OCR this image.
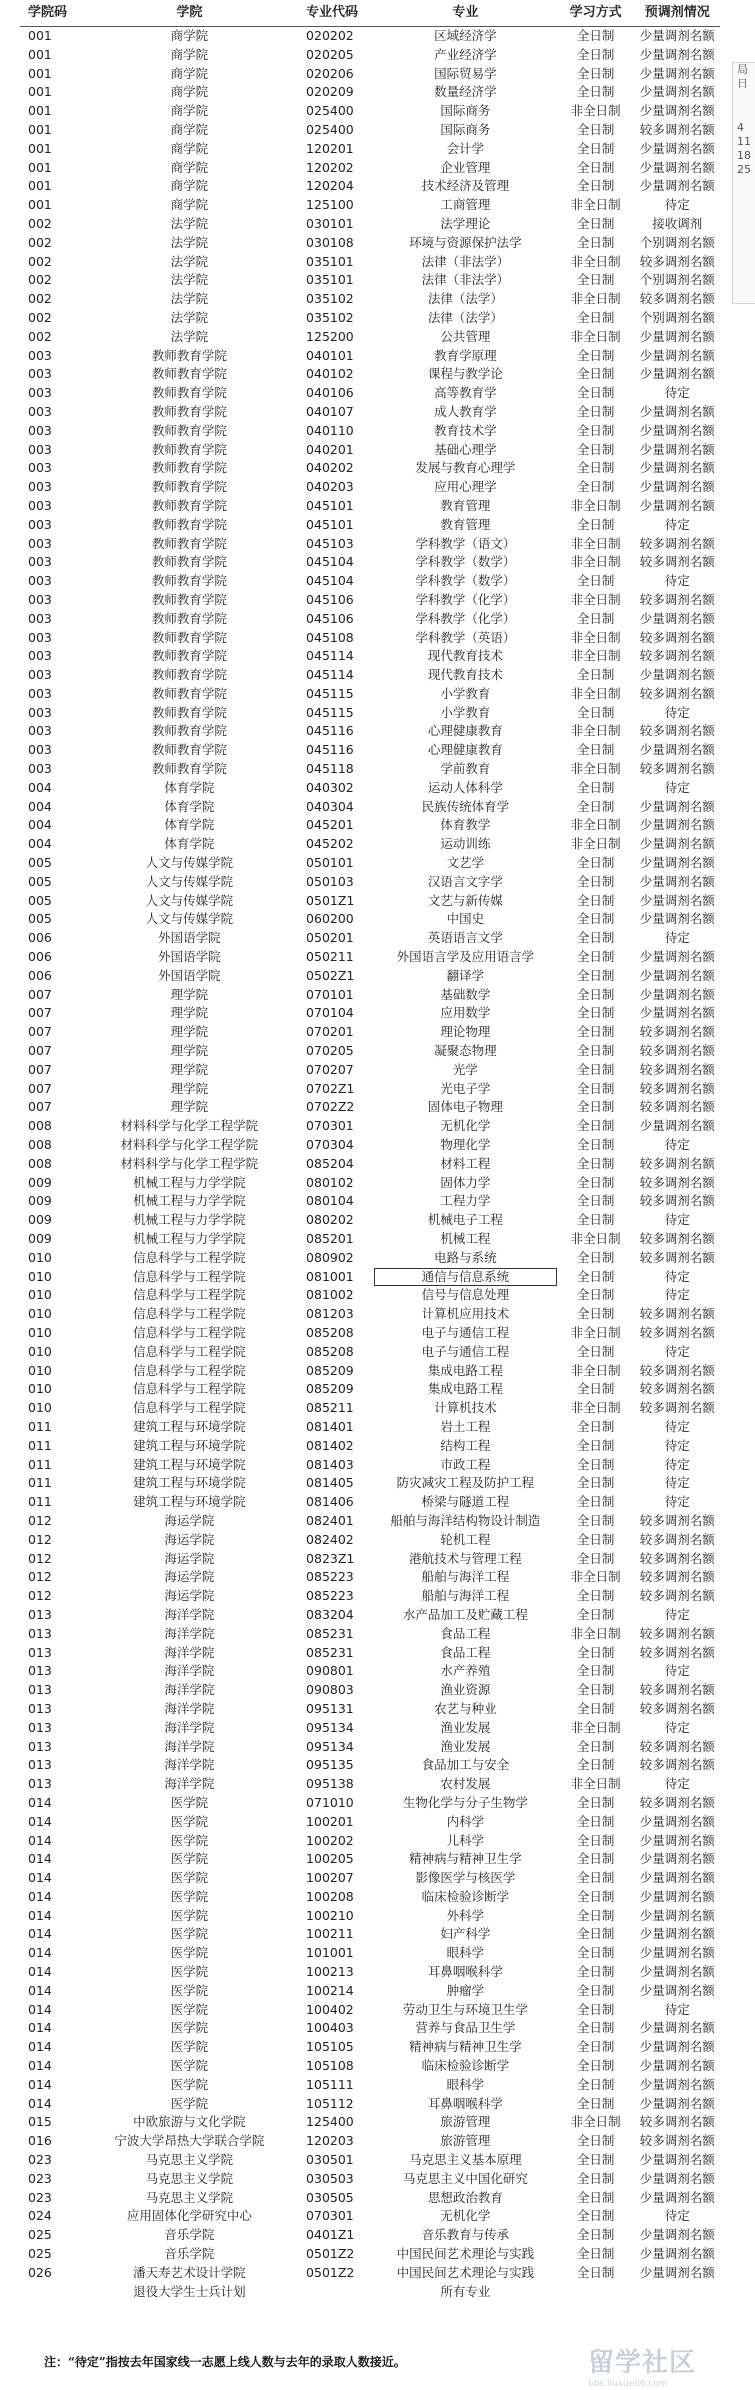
学院码	学院	专业代码	专业	学习方式	预调剂情况
001	商学院	020202	区域经济学	全日制	少量调剂名额
001	商学院	020205	产业经济学	全日制	少量调剂名额
001	商学院	020206	国际贸易学	全日制	少量调剂名额
001	商学院	020209	数量经济学	全日制	少量调剂名额
001	商学院	025400	国际商务	非全日制	少量调剂名额
001	商学院	025400	国际商务	全日制	较多调剂名额
001	商学院	120201	会计学	全日制	少量调剂名额
001	商学院	120202	企业管理	全日制	少量调剂名额
001	商学院	120204	技术经济及管理	全日制	少量调剂名额
001	商学院	125100	工商管理	非全日制	待定
002	法学院	030101	法学理论	全日制	接收调剂
002	法学院	030108	环境与资源保护法学	全日制	个别调剂名额
002	法学院	035101	法律（非法学）	非全日制	较多调剂名额
002	法学院	035101	法律（非法学）	全日制	个别调剂名额
002	法学院	035102	法律（法学）	非全日制	较多调剂名额
002	法学院	035102	法律（法学）	全日制	个别调剂名额
002	法学院	125200	公共管理	非全日制	少量调剂名额
003	教师教育学院	040101	教育学原理	全日制	少量调剂名额
003	教师教育学院	040102	课程与教学论	全日制	少量调剂名额
003	教师教育学院	040106	高等教育学	全日制	待定
003	教师教育学院	040107	成人教育学	全日制	少量调剂名额
003	教师教育学院	040110	教育技术学	全日制	少量调剂名额
003	教师教育学院	040201	基础心理学	全日制	少量调剂名额
003	教师教育学院	040202	发展与教育心理学	全日制	少量调剂名额
003	教师教育学院	040203	应用心理学	全日制	少量调剂名额
003	教师教育学院	045101	教育管理	非全日制	少量调剂名额
003	教师教育学院	045101	教育管理	全日制	待定
003	教师教育学院	045103	学科教学（语文）	非全日制	较多调剂名额
003	教师教育学院	045104	学科教学（数学）	非全日制	较多调剂名额
003	教师教育学院	045104	学科教学（数学）	全日制	待定
003	教师教育学院	045106	学科教学（化学）	非全日制	较多调剂名额
003	教师教育学院	045106	学科教学（化学）	全日制	少量调剂名额
003	教师教育学院	045108	学科教学（英语）	非全日制	较多调剂名额
003	教师教育学院	045114	现代教育技术	非全日制	较多调剂名额
003	教师教育学院	045114	现代教育技术	全日制	少量调剂名额
003	教师教育学院	045115	小学教育	非全日制	较多调剂名额
003	教师教育学院	045115	小学教育	全日制	待定
003	教师教育学院	045116	心理健康教育	非全日制	较多调剂名额
003	教师教育学院	045116	心理健康教育	全日制	少量调剂名额
003	教师教育学院	045118	学前教育	非全日制	较多调剂名额
004	体育学院	040302	运动人体科学	全日制	待定
004	体育学院	040304	民族传统体育学	全日制	少量调剂名额
004	体育学院	045201	体育教学	非全日制	少量调剂名额
004	体育学院	045202	运动训练	非全日制	少量调剂名额
005	人文与传媒学院	050101	文艺学	全日制	少量调剂名额
005	人文与传媒学院	050103	汉语言文字学	全日制	少量调剂名额
005	人文与传媒学院	0501Z1	文艺与新传媒	全日制	少量调剂名额
005	人文与传媒学院	060200	中国史	全日制	少量调剂名额
006	外国语学院	050201	英语语言文学	全日制	待定
006	外国语学院	050211	外国语言学及应用语言学	全日制	少量调剂名额
006	外国语学院	0502Z1	翻译学	全日制	少量调剂名额
007	理学院	070101	基础数学	全日制	少量调剂名额
007	理学院	070104	应用数学	全日制	少量调剂名额
007	理学院	070201	理论物理	全日制	较多调剂名额
007	理学院	070205	凝聚态物理	全日制	较多调剂名额
007	理学院	070207	光学	全日制	较多调剂名额
007	理学院	0702Z1	光电子学	全日制	较多调剂名额
007	理学院	0702Z2	固体电子物理	全日制	较多调剂名额
008	材料科学与化学工程学院	070301	无机化学	全日制	少量调剂名额
008	材料科学与化学工程学院	070304	物理化学	全日制	待定
008	材料科学与化学工程学院	085204	材料工程	全日制	较多调剂名额
009	机械工程与力学学院	080102	固体力学	全日制	较多调剂名额
009	机械工程与力学学院	080104	工程力学	全日制	较多调剂名额
009	机械工程与力学学院	080202	机械电子工程	全日制	待定
009	机械工程与力学学院	085201	机械工程	非全日制	较多调剂名额
010	信息科学与工程学院	080902	电路与系统	全日制	较多调剂名额
010	信息科学与工程学院	081001	通信与信息系统	全日制	待定
010	信息科学与工程学院	081002	信号与信息处理	全日制	待定
010	信息科学与工程学院	081203	计算机应用技术	全日制	较多调剂名额
010	信息科学与工程学院	085208	电子与通信工程	非全日制	较多调剂名额
010	信息科学与工程学院	085208	电子与通信工程	全日制	待定
010	信息科学与工程学院	085209	集成电路工程	非全日制	较多调剂名额
010	信息科学与工程学院	085209	集成电路工程	全日制	较多调剂名额
010	信息科学与工程学院	085211	计算机技术	非全日制	较多调剂名额
011	建筑工程与环境学院	081401	岩土工程	全日制	待定
011	建筑工程与环境学院	081402	结构工程	全日制	待定
011	建筑工程与环境学院	081403	市政工程	全日制	待定
011	建筑工程与环境学院	081405	防灾减灾工程及防护工程	全日制	待定
011	建筑工程与环境学院	081406	桥梁与隧道工程	全日制	待定
012	海运学院	082401	船舶与海洋结构物设计制造	全日制	较多调剂名额
012	海运学院	082402	轮机工程	全日制	较多调剂名额
012	海运学院	0823Z1	港航技术与管理工程	全日制	较多调剂名额
012	海运学院	085223	船舶与海洋工程	非全日制	较多调剂名额
012	海运学院	085223	船舶与海洋工程	全日制	较多调剂名额
013	海洋学院	083204	水产品加工及贮藏工程	全日制	待定
013	海洋学院	085231	食品工程	非全日制	较多调剂名额
013	海洋学院	085231	食品工程	全日制	较多调剂名额
013	海洋学院	090801	水产养殖	全日制	待定
013	海洋学院	090803	渔业资源	全日制	较多调剂名额
013	海洋学院	095131	农艺与种业	全日制	较多调剂名额
013	海洋学院	095134	渔业发展	非全日制	待定
013	海洋学院	095134	渔业发展	全日制	较多调剂名额
013	海洋学院	095135	食品加工与安全	全日制	较多调剂名额
013	海洋学院	095138	农村发展	非全日制	待定
014	医学院	071010	生物化学与分子生物学	全日制	较多调剂名额
014	医学院	100201	内科学	全日制	少量调剂名额
014	医学院	100202	儿科学	全日制	少量调剂名额
014	医学院	100205	精神病与精神卫生学	全日制	少量调剂名额
014	医学院	100207	影像医学与核医学	全日制	少量调剂名额
014	医学院	100208	临床检验诊断学	全日制	少量调剂名额
014	医学院	100210	外科学	全日制	少量调剂名额
014	医学院	100211	妇产科学	全日制	少量调剂名额
014	医学院	101001	眼科学	全日制	少量调剂名额
014	医学院	100213	耳鼻咽喉科学	全日制	少量调剂名额
014	医学院	100214	肿瘤学	全日制	少量调剂名额
014	医学院	100402	劳动卫生与环境卫生学	全日制	待定
014	医学院	100403	营养与食品卫生学	全日制	少量调剂名额
014	医学院	105105	精神病与精神卫生学	全日制	少量调剂名额
014	医学院	105108	临床检验诊断学	全日制	少量调剂名额
014	医学院	105111	眼科学	全日制	少量调剂名额
014	医学院	105112	耳鼻咽喉科学	全日制	少量调剂名额
015	中欧旅游与文化学院	125400	旅游管理	非全日制	较多调剂名额
016	宁波大学昂热大学联合学院	120203	旅游管理	全日制	较多调剂名额
023	马克思主义学院	030501	马克思主义基本原理	全日制	少量调剂名额
023	马克思主义学院	030503	马克思主义中国化研究	全日制	少量调剂名额
023	马克思主义学院	030505	思想政治教育	全日制	少量调剂名额
024	应用固体化学研究中心	070301	无机化学	全日制	待定
025	音乐学院	0401Z1	音乐教育与传承	全日制	少量调剂名额
025	音乐学院	0501Z2	中国民间艺术理论与实践	全日制	少量调剂名额
026	潘天寿艺术设计学院	0501Z2	中国民间艺术理论与实践	全日制	少量调剂名额
退役大学生士兵计划	所有专业
注：“待定”指按去年国家线一志愿上线人数与去年的录取人数接近。
局
日
4
11
18
25
留学社区
bbs.liuxue86.com
